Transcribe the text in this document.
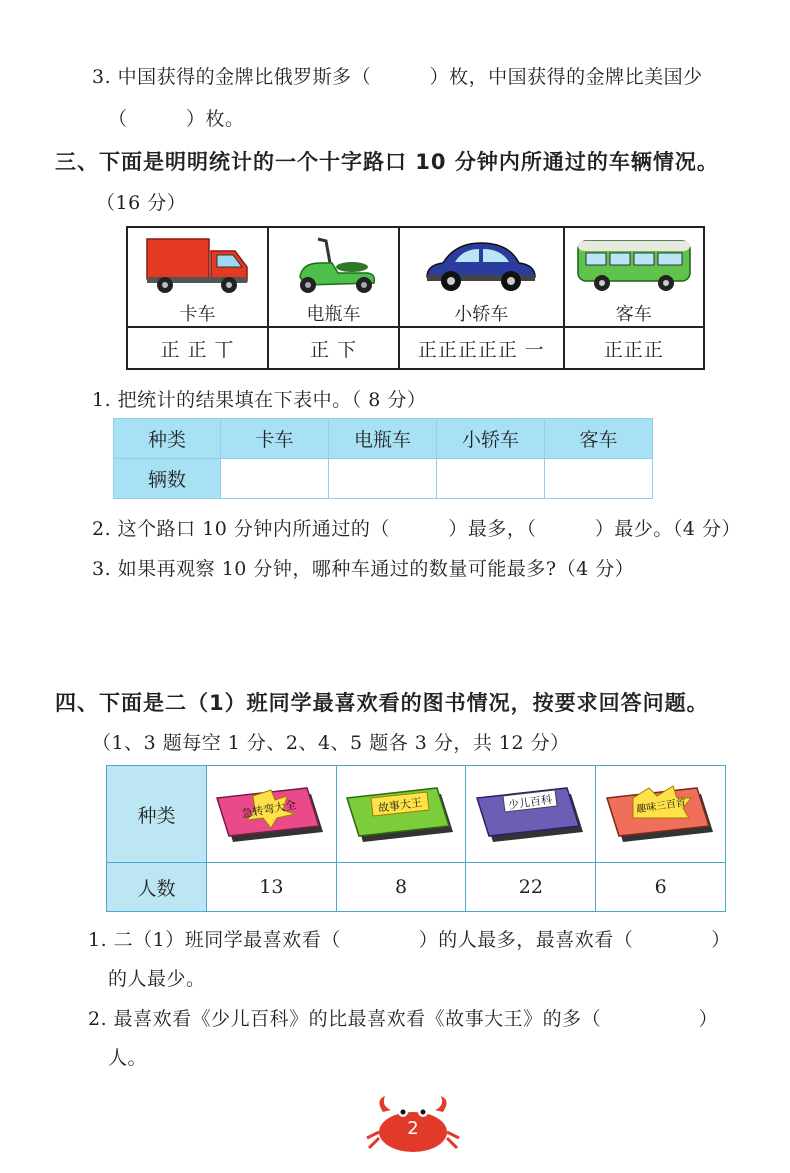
3. 中国获得的金牌比俄罗斯多（　　　）枚，中国获得的金牌比美国少
（　　　）枚。
三、下面是明明统计的一个十字路口 10 分钟内所通过的车辆情况。
（16 分）

卡车	电瓶车	小轿车	客车
正 正 丅	正 下	正正正正正 一	正正正
1. 把统计的结果填在下表中。（ 8 分）
种类	卡车	电瓶车	小轿车	客车
辆数				
2. 这个路口 10 分钟内所通过的（　　　）最多，（　　　）最少。（4 分）
3. 如果再观察 10 分钟，哪种车通过的数量可能最多?（4 分）
四、下面是二（1）班同学最喜欢看的图书情况，按要求回答问题。
（1、3 题每空 1 分、2、4、5 题各 3 分，共 12 分）
种类	急转弯大全	故事大王	少儿百科	趣味三百首

人数	13	8	22	6
1. 二（1）班同学最喜欢看（　　　　）的人最多，最喜欢看（　　　　）
的人最少。
2. 最喜欢看《少儿百科》的比最喜欢看《故事大王》的多（　　　　　）
人。
2
